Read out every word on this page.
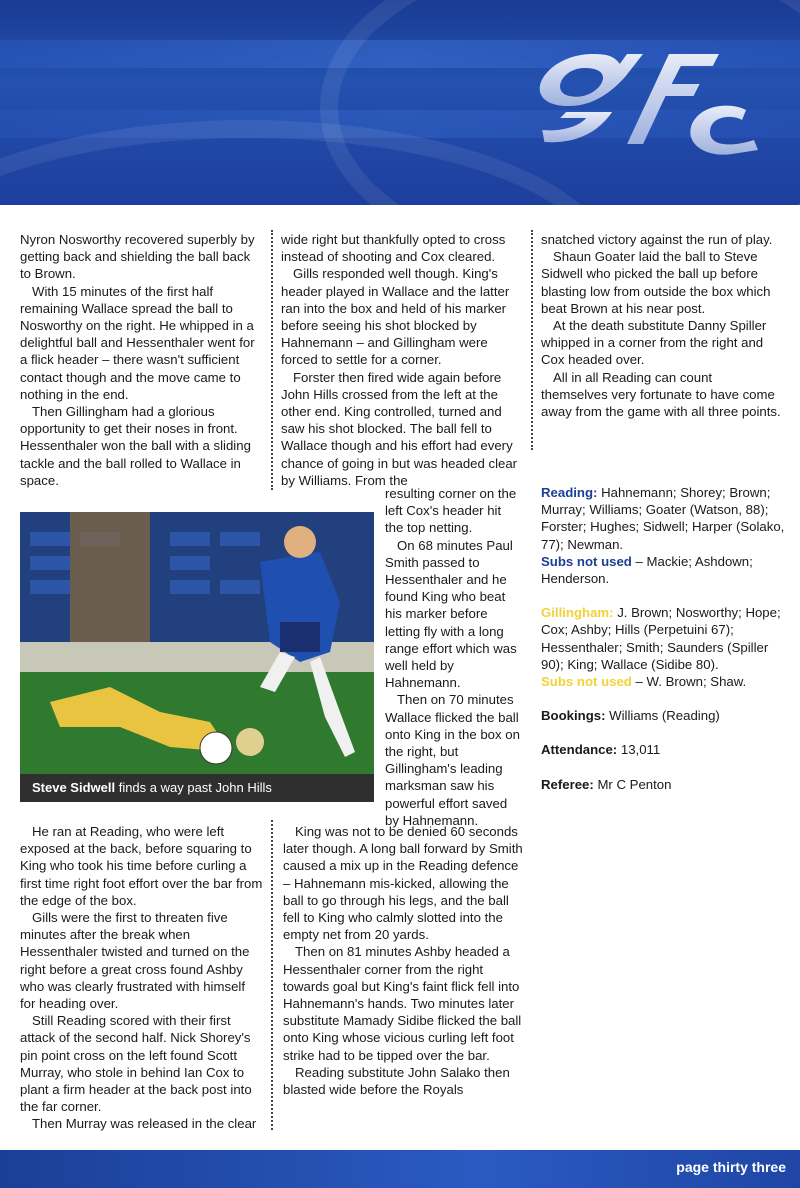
Nyron Nosworthy recovered superbly by getting back and shielding the ball back to Brown.

With 15 minutes of the first half remaining Wallace spread the ball to Nosworthy on the right. He whipped in a delightful ball and Hessenthaler went for a flick header – there wasn't sufficient contact though and the move came to nothing in the end.

Then Gillingham had a glorious opportunity to get their noses in front. Hessenthaler won the ball with a sliding tackle and the ball rolled to Wallace in space.

Steve Sidwell finds a way past John Hills

He ran at Reading, who were left exposed at the back, before squaring to King who took his time before curling a first time right foot effort over the bar from the edge of the box.

Gills were the first to threaten five minutes after the break when Hessenthaler twisted and turned on the right before a great cross found Ashby who was clearly frustrated with himself for heading over.

Still Reading scored with their first attack of the second half. Nick Shorey's pin point cross on the left found Scott Murray, who stole in behind Ian Cox to plant a firm header at the back post into the far corner.

Then Murray was released in the clear

wide right but thankfully opted to cross instead of shooting and Cox cleared.

Gills responded well though. King's header played in Wallace and the latter ran into the box and held of his marker before seeing his shot blocked by Hahnemann – and Gillingham were forced to settle for a corner.

Forster then fired wide again before John Hills crossed from the left at the other end. King controlled, turned and saw his shot blocked. The ball fell to Wallace though and his effort had every chance of going in but was headed clear by Williams. From the

resulting corner on the left Cox's header hit the top netting.

On 68 minutes Paul Smith passed to Hessenthaler and he found King who beat his marker before letting fly with a long range effort which was well held by Hahnemann.

Then on 70 minutes Wallace flicked the ball onto King in the box on the right, but Gillingham's leading marksman saw his powerful effort saved by Hahnemann.

King was not to be denied 60 seconds later though. A long ball forward by Smith caused a mix up in the Reading defence – Hahnemann mis-kicked, allowing the ball to go through his legs, and the ball fell to King who calmly slotted into the empty net from 20 yards.

Then on 81 minutes Ashby headed a Hessenthaler corner from the right towards goal but King's faint flick fell into Hahnemann's hands. Two minutes later substitute Mamady Sidibe flicked the ball onto King whose vicious curling left foot strike had to be tipped over the bar.

Reading substitute John Salako then blasted wide before the Royals

snatched victory against the run of play.

Shaun Goater laid the ball to Steve Sidwell who picked the ball up before blasting low from outside the box which beat Brown at his near post.

At the death substitute Danny Spiller whipped in a corner from the right and Cox headed over.

All in all Reading can count themselves very fortunate to have come away from the game with all three points.

Reading: Hahnemann; Shorey; Brown; Murray; Williams; Goater (Watson, 88); Forster; Hughes; Sidwell; Harper (Solako, 77); Newman.

Subs not used – Mackie; Ashdown; Henderson.

Gillingham: J. Brown; Nosworthy; Hope; Cox; Ashby; Hills (Perpetuini 67); Hessenthaler; Smith; Saunders (Spiller 90); King; Wallace (Sidibe 80).

Subs not used – W. Brown; Shaw.

Bookings: Williams (Reading)

Attendance: 13,011

Referee: Mr C Penton

page thirty three
